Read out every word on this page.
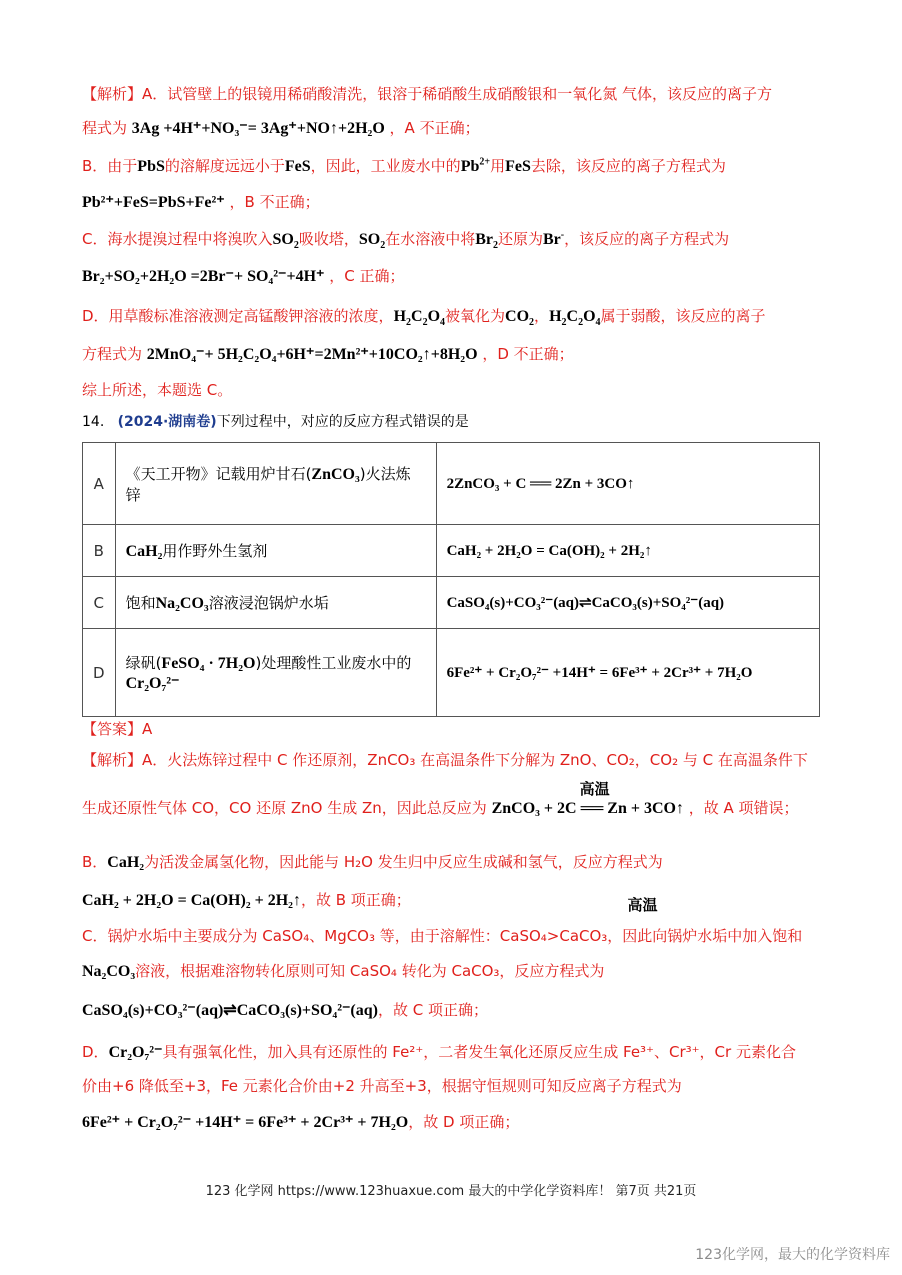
【解析】A．试管壁上的银镜用稀硝酸清洗，银溶于稀硝酸生成硝酸银和一氧化氮 气体，该反应的离子方
程式为 3Ag +4H⁺+NO₃⁻= 3Ag⁺+NO↑+2H₂O ，A 不正确；
B．由于PbS的溶解度远远小于FeS，因此，工业废水中的$Pb^{2+}$用FeS去除，该反应的离子方程式为
Pb²⁺+FeS=PbS+Fe²⁺ ，B 不正确；
C．海水提溴过程中将溴吹入$SO_2$吸收塔，$SO_2$在水溶液中将$Br_2$还原为Br-，该反应的离子方程式为
Br₂+SO₂+2H₂O =2Br⁻+ SO₄²⁻+4H⁺ ，C 正确；
D．用草酸标准溶液测定高锰酸钾溶液的浓度，$H_2C_2O_4$被氧化为$CO_2$，$H_2C_2O_4$属于弱酸，该反应的离子
方程式为 2MnO₄⁻+ 5H₂C₂O₄+6H⁺=2Mn²⁺+10CO₂↑+8H₂O ，D 不正确；
综上所述，本题选 C。
14. (2024·湖南卷)下列过程中，对应的反应方程式错误的是
A	《天工开物》记载用炉甘石(ZnCO₃)火法炼锌	2ZnCO₃ + C ══ 2Zn + 3CO↑
高温

B	CaH₂用作野外生氢剂	CaH₂ + 2H₂O = Ca(OH)₂ + 2H₂↑
C	饱和Na₂CO₃溶液浸泡锅炉水垢	CaSO₄(s)+CO₃²⁻(aq)⇌CaCO₃(s)+SO₄²⁻(aq)
D	绿矾(FeSO₄ · 7H₂O)处理酸性工业废水中的
Cr₂O₇²⁻	6Fe²⁺ + Cr₂O₇²⁻ +14H⁺ = 6Fe³⁺ + 2Cr³⁺ + 7H₂O
【答案】A
【解析】A．火法炼锌过程中 C 作还原剂，ZnCO₃ 在高温条件下分解为 ZnO、CO₂，CO₂ 与 C 在高温条件下
生成还原性气体 CO，CO 还原 ZnO 生成 Zn，因此总反应为 ZnCO₃ + 2C ══ Zn + 3CO↑
高温
，故 A 项错误；
B．CaH₂为活泼金属氢化物，因此能与 H₂O 发生归中反应生成碱和氢气，反应方程式为
CaH₂ + 2H₂O = Ca(OH)₂ + 2H₂↑，故 B 项正确；
C．锅炉水垢中主要成分为 CaSO₄、MgCO₃ 等，由于溶解性：CaSO₄>CaCO₃，因此向锅炉水垢中加入饱和
Na₂CO₃溶液，根据难溶物转化原则可知 CaSO₄ 转化为 CaCO₃，反应方程式为
CaSO₄(s)+CO₃²⁻(aq)⇌CaCO₃(s)+SO₄²⁻(aq)，故 C 项正确；
D．Cr₂O₇²⁻具有强氧化性，加入具有还原性的 Fe²⁺，二者发生氧化还原反应生成 Fe³⁺、Cr³⁺，Cr 元素化合
价由+6 降低至+3，Fe 元素化合价由+2 升高至+3，根据守恒规则可知反应离子方程式为
6Fe²⁺ + Cr₂O₇²⁻ +14H⁺ = 6Fe³⁺ + 2Cr³⁺ + 7H₂O，故 D 项正确；
123 化学网 https://www.123huaxue.com 最大的中学化学资料库！ 第7页 共21页
123化学网，最大的化学资料库
